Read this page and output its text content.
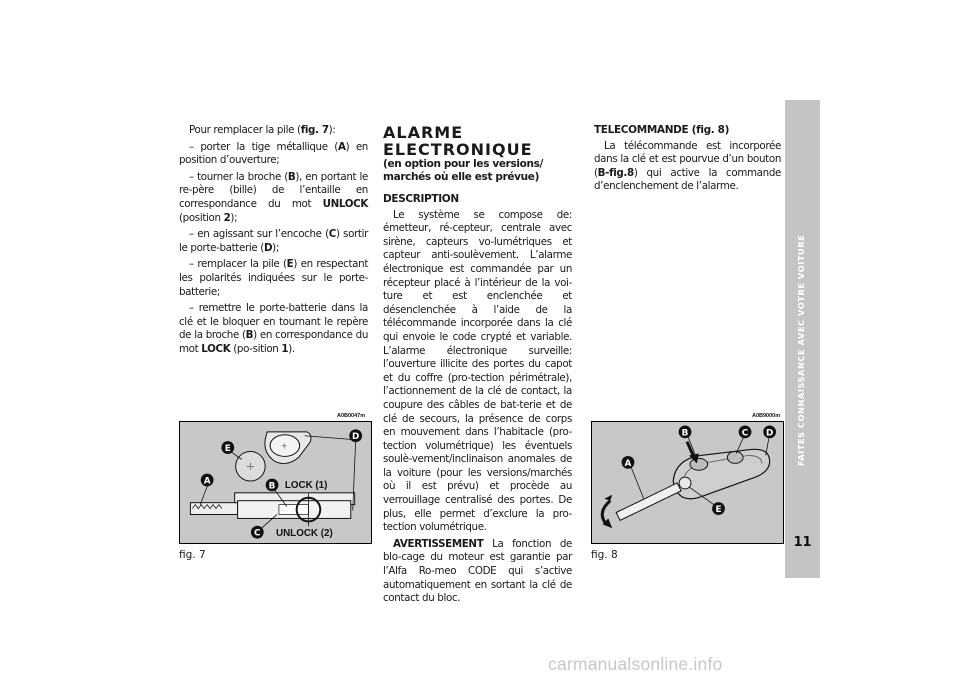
Pour remplacer la pile (fig. 7):

– porter la tige métallique (A) en position d’ouverture;

– tourner la broche (B), en portant le re-père (bille) de l’entaille en correspondance du mot UNLOCK (position 2);

– en agissant sur l’encoche (C) sortir le porte-batterie (D);

– remplacer la pile (E) en respectant les polarités indiquées sur le porte-batterie;

– remettre le porte-batterie dans la clé et le bloquer en tournant le repère de la broche (B) en correspondance du mot LOCK (po-sition 1).

ALARME ELECTRONIQUE
(en option pour les versions/ marchés où elle est prévue)
DESCRIPTION

Le système se compose de: émetteur, ré-cepteur, centrale avec sirène, capteurs vo-lumétriques et capteur anti-soulèvement. L’alarme électronique est commandée par un récepteur placé à l’intérieur de la voi-ture et est enclenchée et désenclenchée à l’aide de la télécommande incorporée dans la clé qui envoie le code crypté et variable. L’alarme électronique surveille: l’ouverture illicite des portes du capot et du coffre (pro-tection périmétrale), l’actionnement de la clé de contact, la coupure des câbles de bat-terie et de clé de secours, la présence de corps en mouvement dans l’habitacle (pro-tection volumétrique) les éventuels soulè-vement/inclinaison anomales de la voiture (pour les versions/marchés où il est prévu) et procède au verrouillage centralisé des portes. De plus, elle permet d’exclure la pro-tection volumétrique.

AVERTISSEMENT La fonction de blo-cage du moteur est garantie par l’Alfa Ro-meo CODE qui s’active automatiquement en sortant la clé de contact du bloc.

TELECOMMANDE (fig. 8)

La télécommande est incorporée dans la clé et est pourvue d’un bouton (B-fig.8) qui active la commande d’enclenchement de l’alarme.

A0B0047m
+
+
D
E
A	B
C
LOCK (1)
UNLOCK (2)
fig. 7
A0B9000m
B	C D
A
E
fig. 8
FAITES CONNAISSANCE AVEC VOTRE VOITURE
11
carmanualsonline.info
